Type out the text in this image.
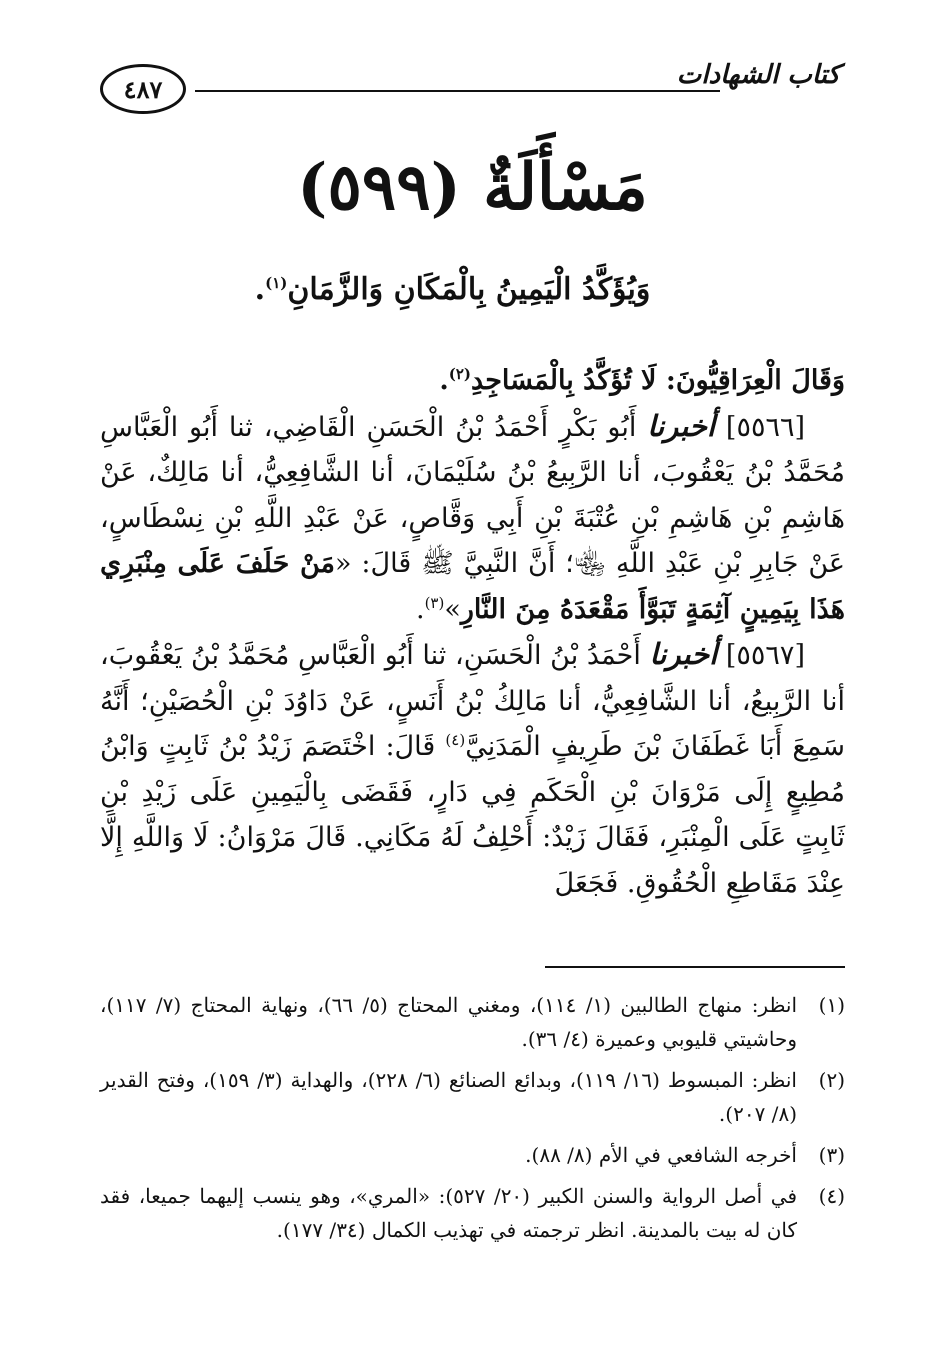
كتاب الشهادات
٤٨٧
مَسْأَلَةٌ (٥٩٩)
وَيُؤَكَّدُ الْيَمِينُ بِالْمَكَانِ وَالزَّمَانِ$^{(١)}$.

وَقَالَ الْعِرَاقِيُّونَ: لَا تُؤَكَّدُ بِالْمَسَاجِدِ$^{(٢)}$.

[٥٥٦٦] أخبرنا أَبُو بَكْرٍ أَحْمَدُ بْنُ الْحَسَنِ الْقَاضِي، ثنا أَبُو الْعَبَّاسِ مُحَمَّدُ بْنُ يَعْقُوبَ، أنا الرَّبِيعُ بْنُ سُلَيْمَانَ، أنا الشَّافِعِيُّ، أنا مَالِكٌ، عَنْ هَاشِمِ بْنِ هَاشِمِ بْنِ عُتْبَةَ بْنِ أَبِي وَقَّاصٍ، عَنْ عَبْدِ اللَّهِ بْنِ نِسْطَاسٍ، عَنْ جَابِرِ بْنِ عَبْدِ اللَّهِ ﵄؛ أَنَّ النَّبِيَّ ﷺ قَالَ: «مَنْ حَلَفَ عَلَى مِنْبَرِي هَذَا بِيَمِينٍ آثِمَةٍ تَبَوَّأَ مَقْعَدَهُ مِنَ النَّارِ»$^{(٣)}$.

[٥٥٦٧] أخبرنا أَحْمَدُ بْنُ الْحَسَنِ، ثنا أَبُو الْعَبَّاسِ مُحَمَّدُ بْنُ يَعْقُوبَ، أنا الرَّبِيعُ، أنا الشَّافِعِيُّ، أنا مَالِكُ بْنُ أَنَسٍ، عَنْ دَاوُدَ بْنِ الْحُصَيْنِ؛ أَنَّهُ سَمِعَ أَبَا غَطَفَانَ بْنَ طَرِيفٍ الْمَدَنِيَّ$^{(٤)}$ قَالَ: اخْتَصَمَ زَيْدُ بْنُ ثَابِتٍ وَابْنُ مُطِيعٍ إِلَى مَرْوَانَ بْنِ الْحَكَمِ فِي دَارٍ، فَقَضَى بِالْيَمِينِ عَلَى زَيْدِ بْنِ ثَابِتٍ عَلَى الْمِنْبَرِ، فَقَالَ زَيْدٌ: أَحْلِفُ لَهُ مَكَانِي. قَالَ مَرْوَانُ: لَا وَاللَّهِ إِلَّا عِنْدَ مَقَاطِعِ الْحُقُوقِ. فَجَعَلَ

(١)
انظر: منهاج الطالبين (١/ ١١٤)، ومغني المحتاج (٥/ ٦٦)، ونهاية المحتاج (٧/ ١١٧)، وحاشيتي قليوبي وعميرة (٤/ ٣٦).
(٢)
انظر: المبسوط (١٦/ ١١٩)، وبدائع الصنائع (٦/ ٢٢٨)، والهداية (٣/ ١٥٩)، وفتح القدير (٨/ ٢٠٧).
(٣)
أخرجه الشافعي في الأم (٨/ ٨٨).
(٤)
في أصل الرواية والسنن الكبير (٢٠/ ٥٢٧): «المري»، وهو ينسب إليهما جميعا، فقد كان له بيت بالمدينة. انظر ترجمته في تهذيب الكمال (٣٤/ ١٧٧).
